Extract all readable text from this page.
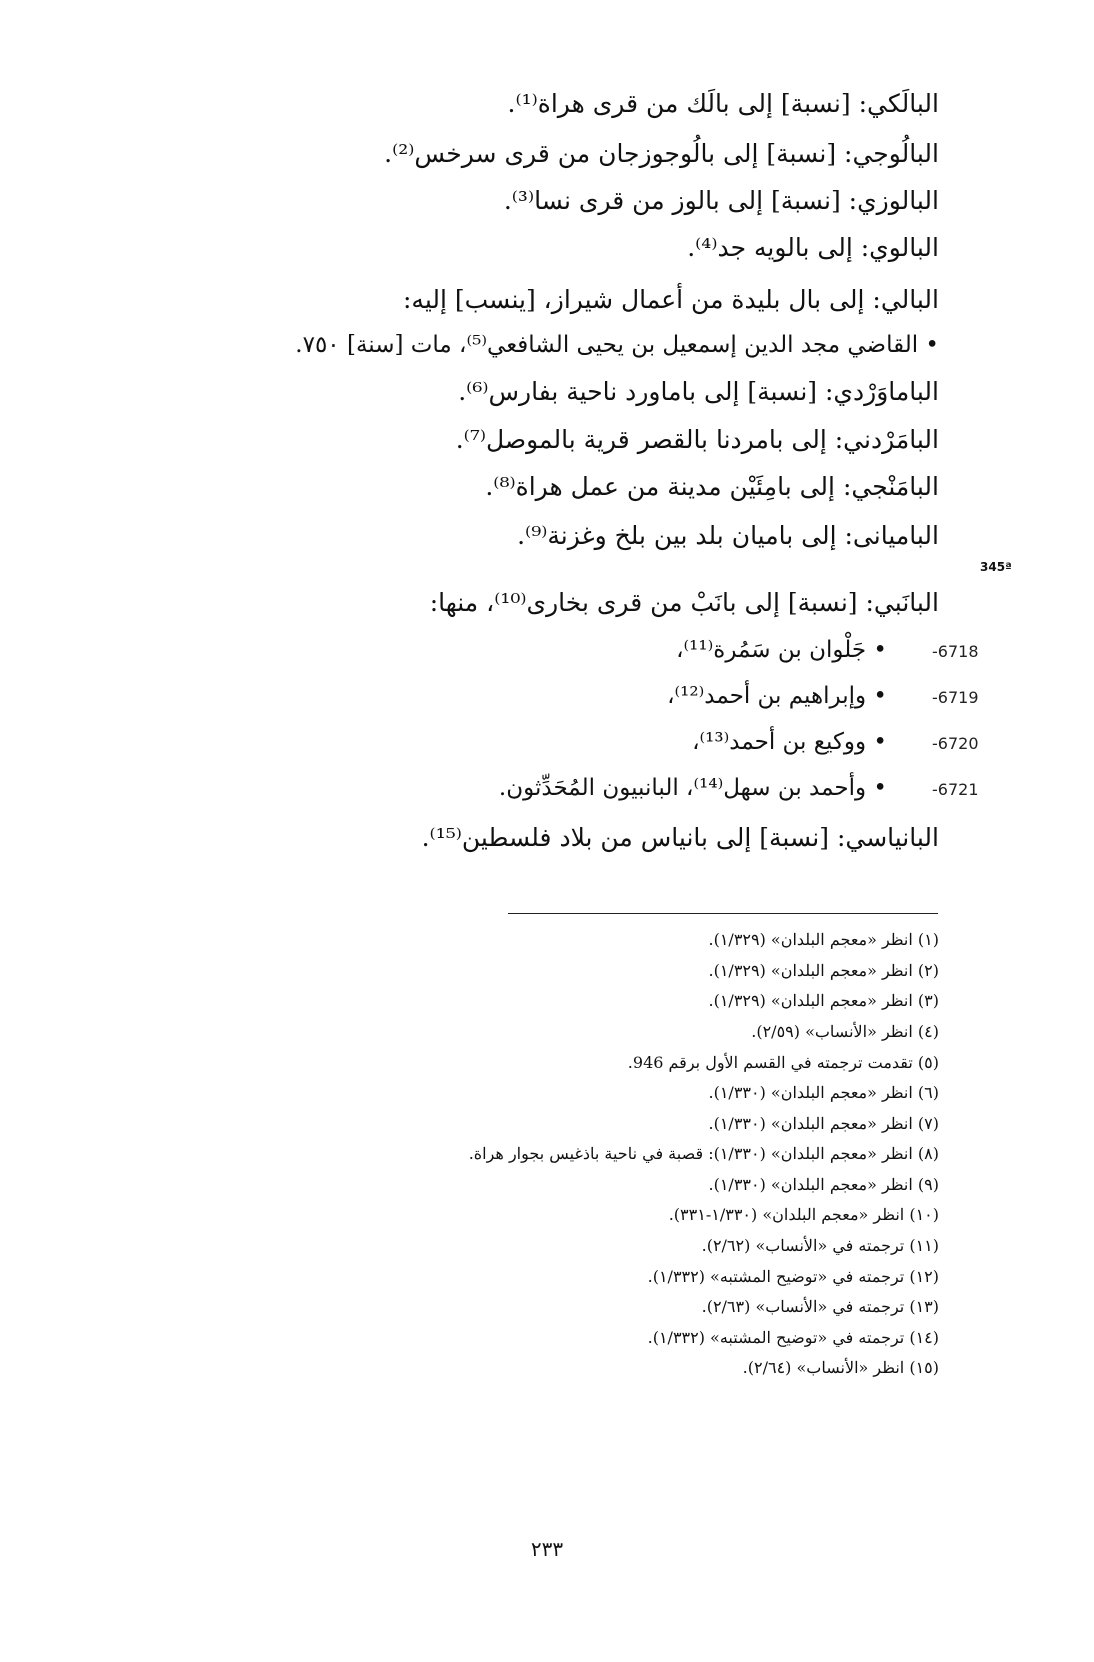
البالَكي: [نسبة] إلى بالَك من قرى هراة⁽¹⁾.
البالُوجي: [نسبة] إلى بالُوجوزجان من قرى سرخس⁽²⁾.
البالوزي: [نسبة] إلى بالوز من قرى نسا⁽³⁾.
البالوي: إلى بالويه جد⁽⁴⁾.
البالي: إلى بال بليدة من أعمال شيراز، [ينسب] إليه:
• القاضي مجد الدين إسمعيل بن يحيى الشافعي⁽⁵⁾، مات [سنة] ٧٥٠.
الباماوَرْدي: [نسبة] إلى باماورد ناحية بفارس⁽⁶⁾.
البامَرْدني: إلى بامردنا بالقصر قرية بالموصل⁽⁷⁾.
البامَنْجي: إلى بامِئَيْن مدينة من عمل هراة⁽⁸⁾.
الباميانى: إلى باميان بلد بين بلخ وغزنة⁽⁹⁾.
345ª
البانَبي: [نسبة] إلى بانَبْ من قرى بخارى⁽¹⁰⁾، منها:
-6718
• جَلْوان بن سَمُرة⁽¹¹⁾،
-6719
• وإبراهيم بن أحمد⁽¹²⁾،
-6720
• ووكيع بن أحمد⁽¹³⁾،
-6721
• وأحمد بن سهل⁽¹⁴⁾، البانبيون المُحَدِّثون.
البانياسي: [نسبة] إلى بانياس من بلاد فلسطين⁽¹⁵⁾.
(١) انظر «معجم البلدان» (١/٣٢٩).
(٢) انظر «معجم البلدان» (١/٣٢٩).
(٣) انظر «معجم البلدان» (١/٣٢٩).
(٤) انظر «الأنساب» (٢/٥٩).
(٥) تقدمت ترجمته في القسم الأول برقم 946.
(٦) انظر «معجم البلدان» (١/٣٣٠).
(٧) انظر «معجم البلدان» (١/٣٣٠).
(٨) انظر «معجم البلدان» (١/٣٣٠): قصبة في ناحية باذغيس بجوار هراة.
(٩) انظر «معجم البلدان» (١/٣٣٠).
(١٠) انظر «معجم البلدان» (١/٣٣٠-٣٣١).
(١١) ترجمته في «الأنساب» (٢/٦٢).
(١٢) ترجمته في «توضيح المشتبه» (١/٣٣٢).
(١٣) ترجمته في «الأنساب» (٢/٦٣).
(١٤) ترجمته في «توضيح المشتبه» (١/٣٣٢).
(١٥) انظر «الأنساب» (٢/٦٤).
٢٣٣
